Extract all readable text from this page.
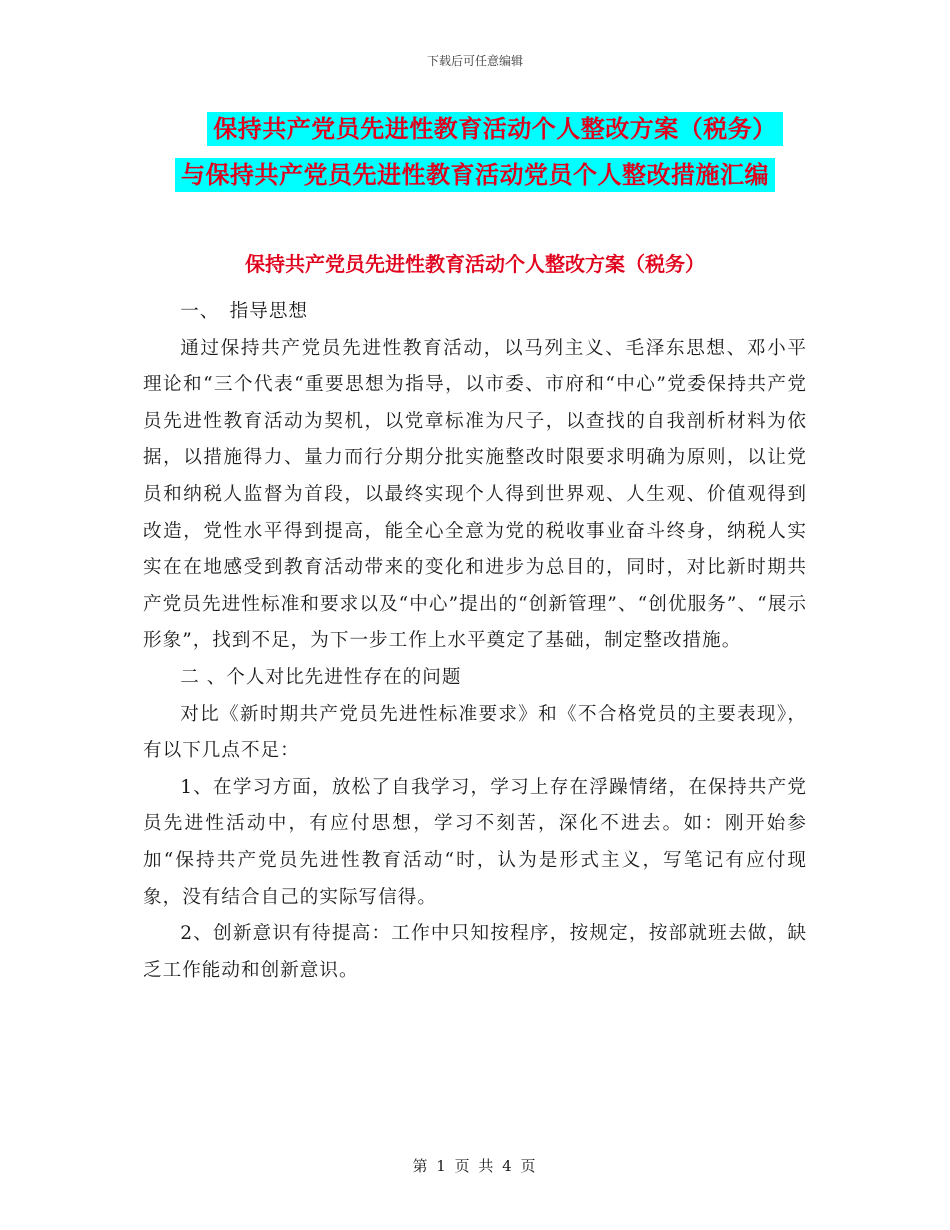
下载后可任意编辑
保持共产党员先进性教育活动个人整改方案（税务）
与保持共产党员先进性教育活动党员个人整改措施汇编
保持共产党员先进性教育活动个人整改方案（税务）

一、　指导思想

通过保持共产党员先进性教育活动，以马列主义、毛泽东思想、邓小平理论和“三个代表“重要思想为指导，以市委、市府和“中心”党委保持共产党员先进性教育活动为契机，以党章标准为尺子，以查找的自我剖析材料为依据，以措施得力、量力而行分期分批实施整改时限要求明确为原则，以让党员和纳税人监督为首段，以最终实现个人得到世界观、人生观、价值观得到改造，党性水平得到提高，能全心全意为党的税收事业奋斗终身，纳税人实实在在地感受到教育活动带来的变化和进步为总目的，同时，对比新时期共产党员先进性标准和要求以及“中心”提出的“创新管理”、“创优服务”、“展示形象”，找到不足，为下一步工作上水平奠定了基础，制定整改措施。

二 、个人对比先进性存在的问题

对比《新时期共产党员先进性标准要求》和《不合格党员的主要表现》，有以下几点不足：

1、在学习方面，放松了自我学习，学习上存在浮躁情绪，在保持共产党员先进性活动中，有应付思想，学习不刻苦，深化不进去。如：刚开始参加“保持共产党员先进性教育活动“时，认为是形式主义，写笔记有应付现象，没有结合自己的实际写信得。

2、创新意识有待提高：工作中只知按程序，按规定，按部就班去做，缺乏工作能动和创新意识。

第 1 页 共 4 页
